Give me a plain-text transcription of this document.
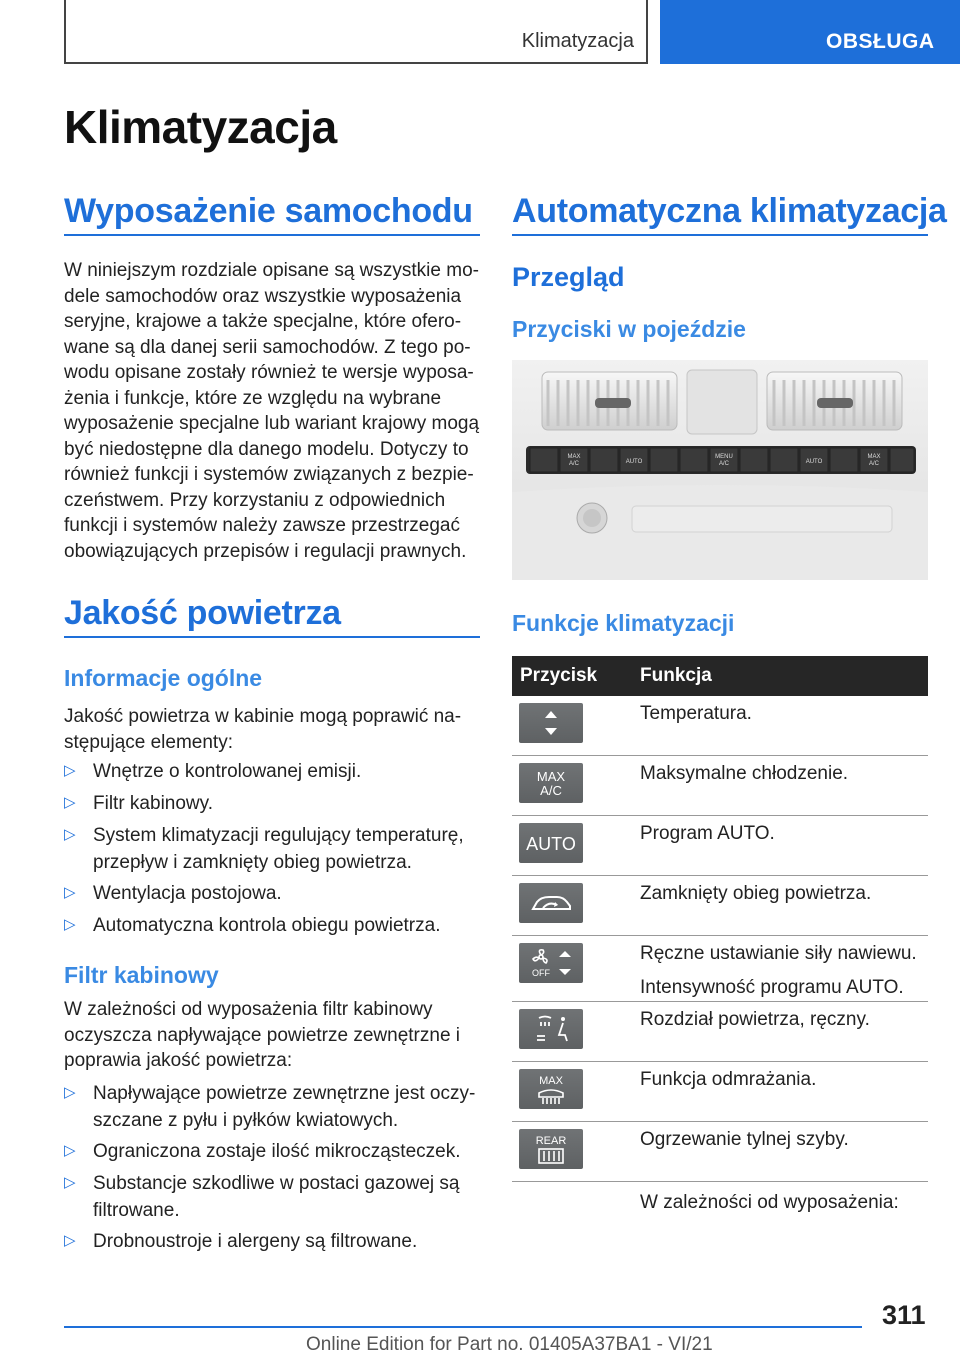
Klimatyzacja	OBSŁUGA
Klimatyzacja
Wyposażenie samochodu

W niniejszym rozdziale opisane są wszystkie mo-
dele samochodów oraz wszystkie wyposażenia
seryjne, krajowe a także specjalne, które ofero-
wane są dla danej serii samochodów. Z tego po-
wodu opisane zostały również te wersje wyposa-
żenia i funkcje, które ze względu na wybrane
wyposażenie specjalne lub wariant krajowy mogą
być niedostępne dla danego modelu. Dotyczy to
również funkcji i systemów związanych z bezpie-
czeństwem. Przy korzystaniu z odpowiednich
funkcji i systemów należy zawsze przestrzegać
obowiązujących przepisów i regulacji prawnych.

Jakość powietrza
Informacje ogólne

Jakość powietrza w kabinie mogą poprawić na-
stępujące elementy:

▷ Wnętrze o kontrolowanej emisji.
▷ Filtr kabinowy.
▷ System klimatyzacji regulujący temperaturę,
przepływ i zamknięty obieg powietrza.
▷ Wentylacja postojowa.
▷ Automatyczna kontrola obiegu powietrza.
Filtr kabinowy

W zależności od wyposażenia filtr kabinowy
oczyszcza napływające powietrze zewnętrzne i
poprawia jakość powietrza:

▷ Napływające powietrze zewnętrzne jest oczy-
szczane z pyłu i pyłków kwiatowych.
▷ Ograniczona zostaje ilość mikrocząsteczek.
▷ Substancje szkodliwe w postaci gazowej są
filtrowane.
▷ Drobnoustroje i alergeny są filtrowane.
Automatyczna klimatyzacja
Przegląd
Przyciski w pojeździe
MAX
A/C	AUTO
MENU
A/C	AUTO
MAX
A/C
Funkcje klimatyzacji
Przycisk	Funkcja

	Temperatura.

MAX
A/C	Maksymalne chłodzenie.

AUTO	Program AUTO.

	Zamknięty obieg powietrza.

OFF	Ręczne ustawianie siły nawiewu.
Intensywność programu AUTO.

	Rozdział powietrza, ręczny.

MAX	Funkcja odmrażania.

REAR	Ogrzewanie tylnej szyby.
W zależności od wyposażenia:
311
Online Edition for Part no. 01405A37BA1 - VI/21
